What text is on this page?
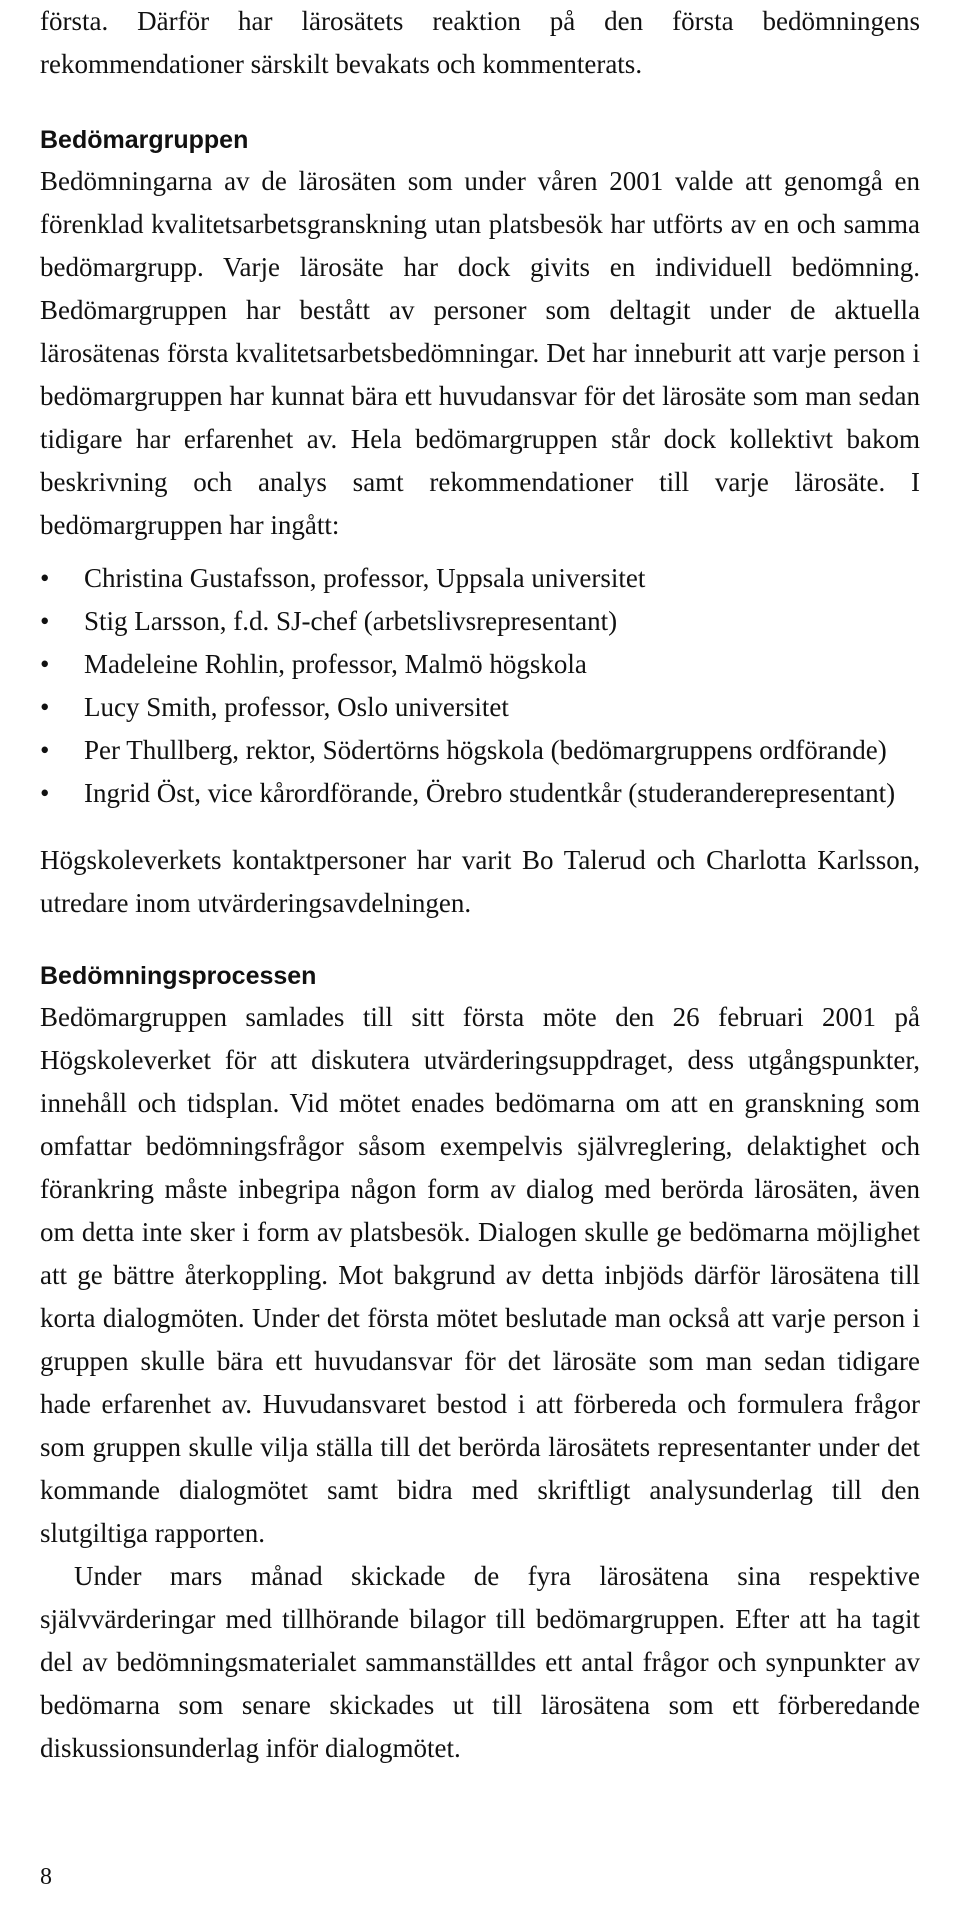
första. Därför har lärosätets reaktion på den första bedömningens rekommendationer särskilt bevakats och kommenterats.

Bedömargruppen

Bedömningarna av de lärosäten som under våren 2001 valde att genomgå en förenklad kvalitetsarbetsgranskning utan platsbesök har utförts av en och samma bedömargrupp. Varje lärosäte har dock givits en individuell bedömning. Bedömargruppen har bestått av personer som deltagit under de aktuella lärosätenas första kvalitetsarbetsbedömningar. Det har inneburit att varje person i bedömargruppen har kunnat bära ett huvudansvar för det lärosäte som man sedan tidigare har erfarenhet av. Hela bedömargruppen står dock kollektivt bakom beskrivning och analys samt rekommendationer till varje lärosäte. I bedömargruppen har ingått:

•	Christina Gustafsson, professor, Uppsala universitet
•	Stig Larsson, f.d. SJ-chef (arbetslivsrepresentant)
•	Madeleine Rohlin, professor, Malmö högskola
•	Lucy Smith, professor, Oslo universitet
•	Per Thullberg, rektor, Södertörns högskola (bedömargruppens ordförande)
•	Ingrid Öst, vice kårordförande, Örebro studentkår (studeranderepresentant)

Högskoleverkets kontaktpersoner har varit Bo Talerud och Charlotta Karlsson, utredare inom utvärderingsavdelningen.

Bedömningsprocessen

Bedömargruppen samlades till sitt första möte den 26 februari 2001 på Högskoleverket för att diskutera utvärderingsuppdraget, dess utgångspunkter, innehåll och tidsplan. Vid mötet enades bedömarna om att en granskning som omfattar bedömningsfrågor såsom exempelvis självreglering, delaktighet och förankring måste inbegripa någon form av dialog med berörda lärosäten, även om detta inte sker i form av platsbesök. Dialogen skulle ge bedömarna möjlighet att ge bättre återkoppling. Mot bakgrund av detta inbjöds därför lärosätena till korta dialogmöten. Under det första mötet beslutade man också att varje person i gruppen skulle bära ett huvudansvar för det lärosäte som man sedan tidigare hade erfarenhet av. Huvudansvaret bestod i att förbereda och formulera frågor som gruppen skulle vilja ställa till det berörda lärosätets representanter under det kommande dialogmötet samt bidra med skriftligt analysunderlag till den slutgiltiga rapporten.

Under mars månad skickade de fyra lärosätena sina respektive självvärderingar med tillhörande bilagor till bedömargruppen. Efter att ha tagit del av bedömningsmaterialet sammanställdes ett antal frågor och synpunkter av bedömarna som senare skickades ut till lärosätena som ett förberedande diskussionsunderlag inför dialogmötet.

8
